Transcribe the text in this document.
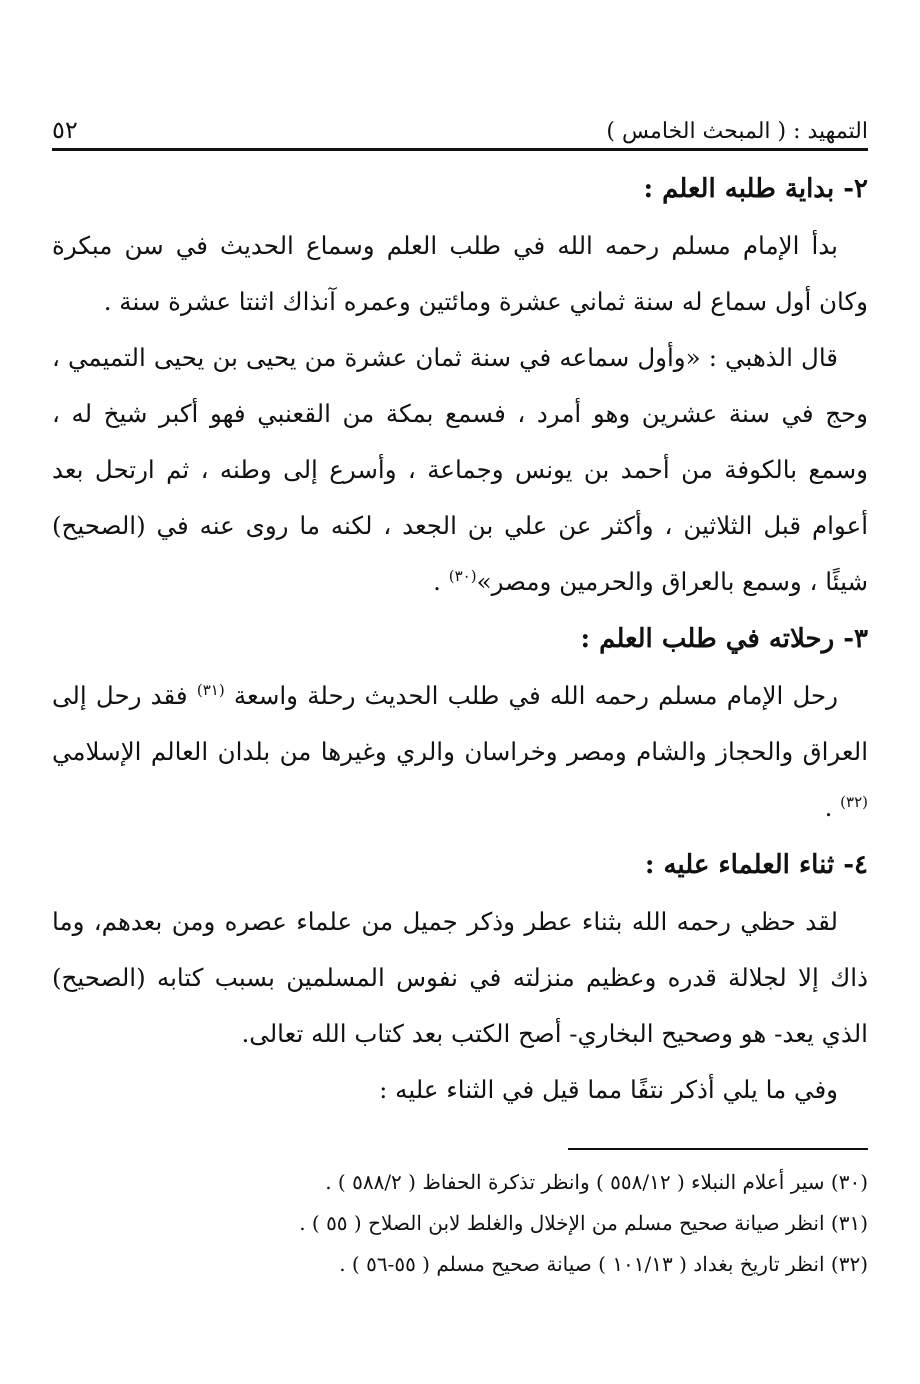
التمهيد : ( المبحث الخامس )
٥٢
٢- بداية طلبه العلم :

بدأ الإمام مسلم رحمه الله في طلب العلم وسماع الحديث في سن مبكرة وكان أول سماع له سنة ثماني عشرة ومائتين وعمره آنذاك اثنتا عشرة سنة .

قال الذهبي : «وأول سماعه في سنة ثمان عشرة من يحيى بن يحيى التميمي ، وحج في سنة عشرين وهو أمرد ، فسمع بمكة من القعنبي فهو أكبر شيخ له ، وسمع بالكوفة من أحمد بن يونس وجماعة ، وأسرع إلى وطنه ، ثم ارتحل بعد أعوام قبل الثلاثين ، وأكثر عن علي بن الجعد ، لكنه ما روى عنه في (الصحيح) شيئًا ، وسمع بالعراق والحرمين ومصر»$^{(٣٠)}$ .

٣- رحلاته في طلب العلم :

رحل الإمام مسلم رحمه الله في طلب الحديث رحلة واسعة $^{(٣١)}$ فقد رحل إلى العراق والحجاز والشام ومصر وخراسان والري وغيرها من بلدان العالم الإسلامي $^{(٣٢)}$ .

٤- ثناء العلماء عليه :

لقد حظي رحمه الله بثناء عطر وذكر جميل من علماء عصره ومن بعدهم، وما ذاك إلا لجلالة قدره وعظيم منزلته في نفوس المسلمين بسبب كتابه (الصحيح) الذي يعد- هو وصحيح البخاري- أصح الكتب بعد كتاب الله تعالى.

وفي ما يلي أذكر نتفًا مما قيل في الثناء عليه :

(٣٠) سير أعلام النبلاء ( ٥٥٨/١٢ ) وانظر تذكرة الحفاظ ( ٥٨٨/٢ ) .

(٣١) انظر صيانة صحيح مسلم من الإخلال والغلط لابن الصلاح ( ٥٥ ) .

(٣٢) انظر تاريخ بغداد ( ١٠١/١٣ ) صيانة صحيح مسلم ( ٥٥-٥٦ ) .
